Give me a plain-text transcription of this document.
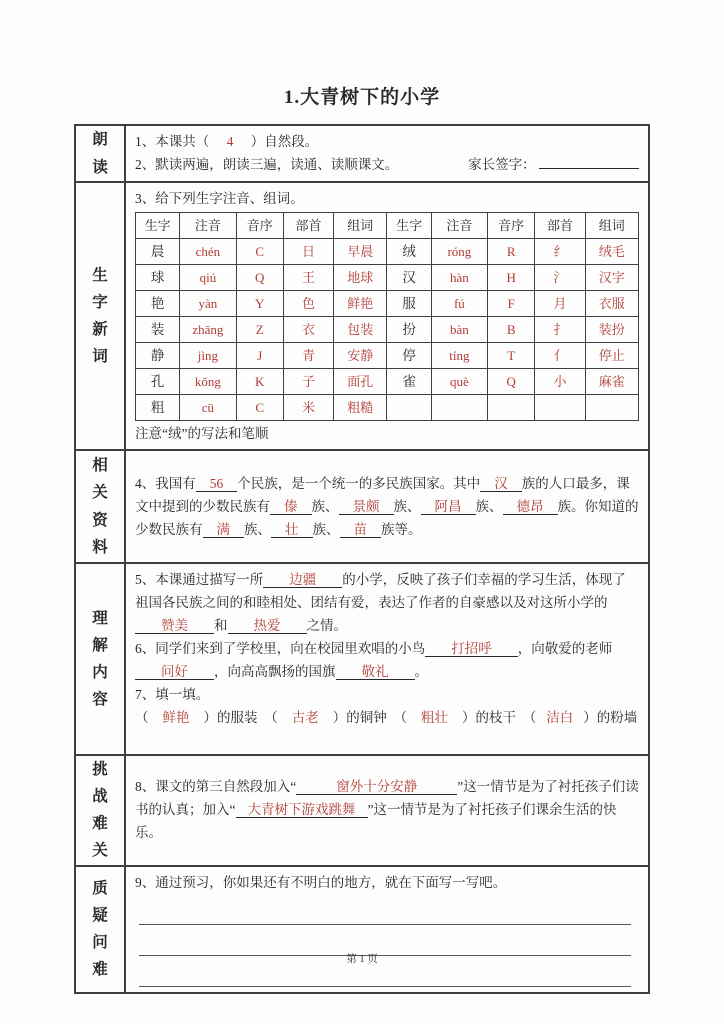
1.大青树下的小学
朗读
1、本课共（ 4 ）自然段。
2、默读两遍，朗读三遍，读通、读顺课文。	家长签字：
生字新词
3、给下列生字注音、组词。
生字	注音	音序	部首	组词	生字	注音	音序	部首	组词
晨	chén	C	日	早晨	绒	róng	R	纟	绒毛
球	qiú	Q	王	地球	汉	hàn	H	氵	汉字
艳	yàn	Y	色	鲜艳	服	fú	F	月	衣服
装	zhāng	Z	衣	包装	扮	bàn	B	扌	装扮
静	jìng	J	青	安静	停	tíng	T	亻	停止
孔	kǒng	K	子	面孔	雀	què	Q	小	麻雀
粗	cū	C	米	粗糙					
注意“绒”的写法和笔顺
相关资料
4、我国有 56 个民族，是一个统一的多民族国家。其中 汉 族的人口最多，课文中提到的少数民族有 傣 族、 景颇 族、 阿昌 族、 德昂 族。你知道的少数民族有 满 族、 壮 族、 苗 族等。
理解内容
5、本课通过描写一所 边疆 的小学，反映了孩子们幸福的学习生活，体现了祖国各民族之间的和睦相处、团结有爱，表达了作者的自豪感以及对这所小学的赞美 和 热爱 之情。
6、同学们来到了学校里，向在校园里欢唱的小鸟 打招呼 ，向敬爱的老师问好 ，向高高飘扬的国旗 敬礼 。
7、填一填。
（ 鲜艳 ）的服装　（ 古老 ）的铜钟　（ 粗壮 ）的枝干　（ 洁白 ）的粉墙
挑战难关
8、课文的第三自然段加入“	窗外十分安静	”这一情节是为了衬托孩子们读书的认真；加入“ 大青树下游戏跳舞 ”这一情节是为了衬托孩子们课余生活的快乐。
质疑问难
9、通过预习，你如果还有不明白的地方，就在下面写一写吧。
第 1 页
